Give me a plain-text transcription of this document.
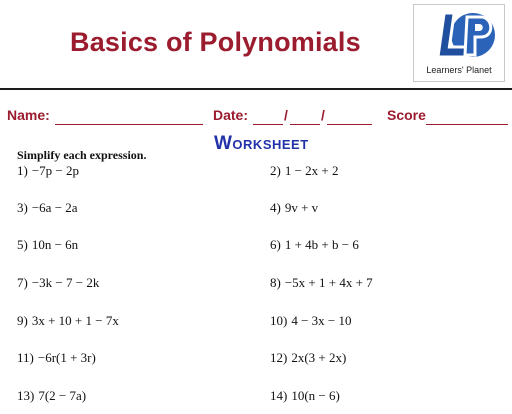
Basics of Polynomials
Learners' Planet
Name:	Date:	/ /	Score
Worksheet
Simplify each expression.
1) −7p − 2p	2) 1 − 2x + 2
3) −6a − 2a	4) 9v + v
5) 10n − 6n	6) 1 + 4b + b − 6
7) −3k − 7 − 2k	8) −5x + 1 + 4x + 7
9) 3x + 10 + 1 − 7x	10) 4 − 3x − 10
11) −6r(1 + 3r)	12) 2x(3 + 2x)
13) 7(2 − 7a)	14) 10(n − 6)
